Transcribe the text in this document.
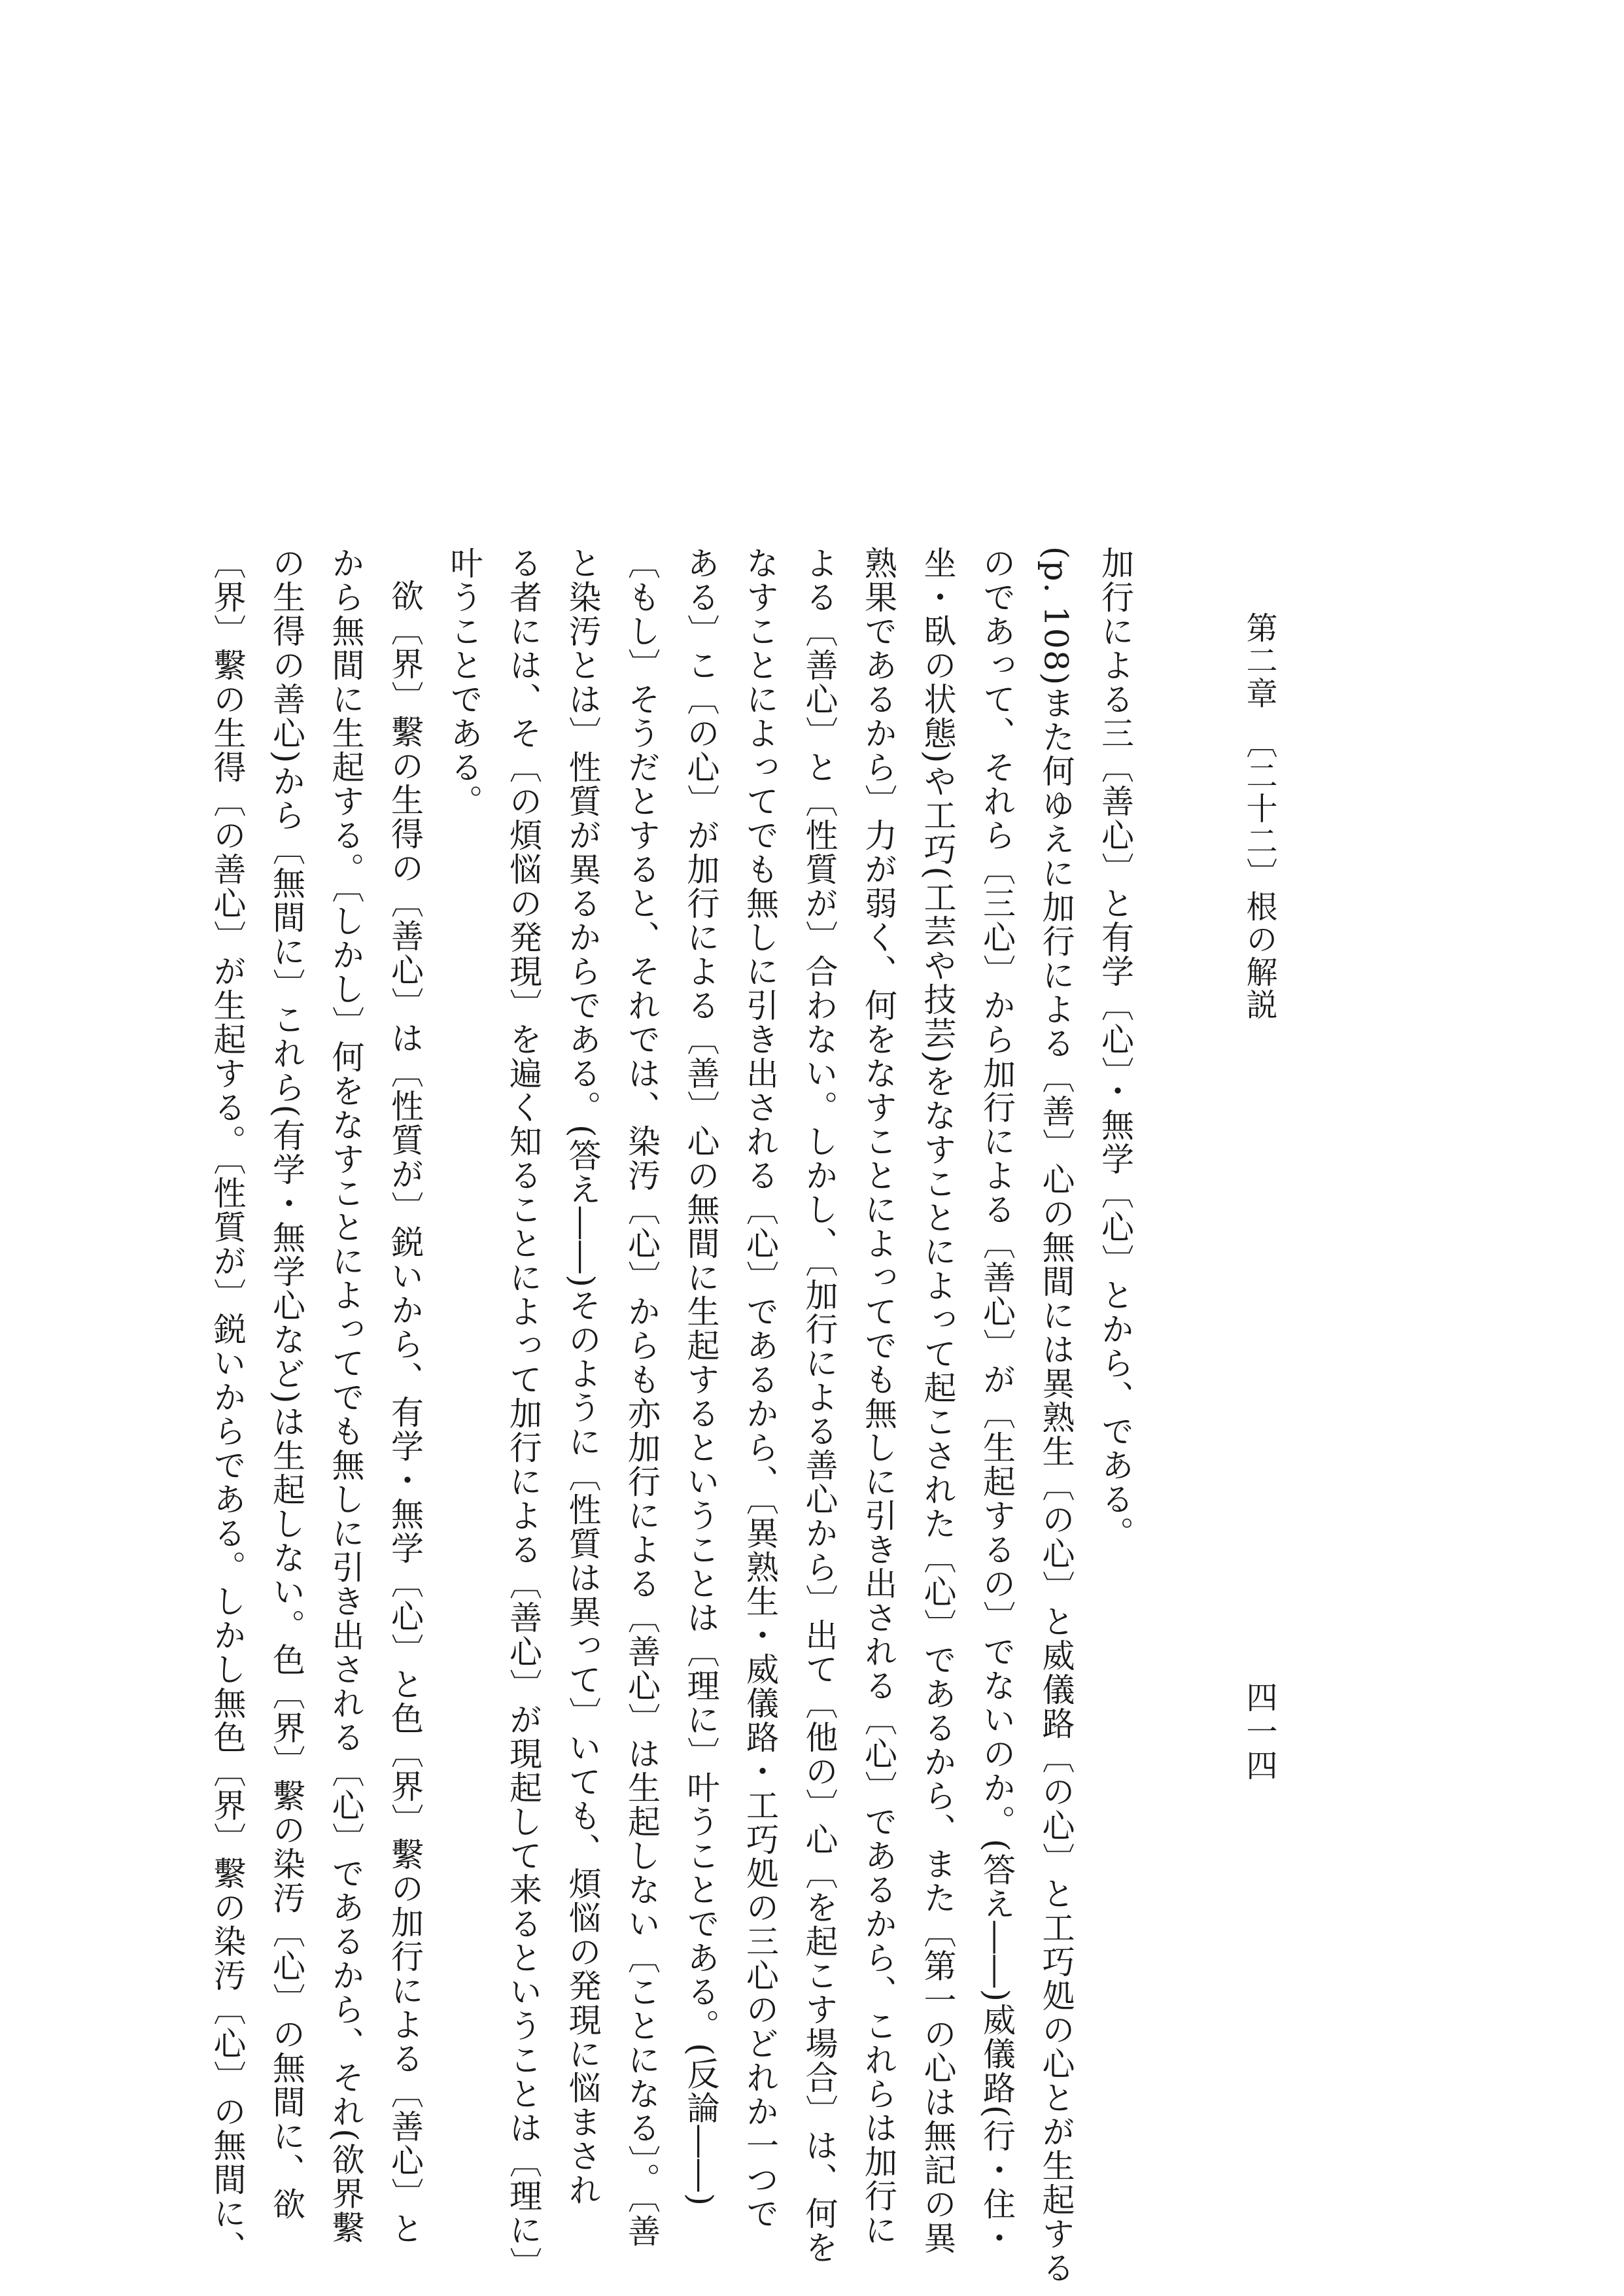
第二章　〔二十二〕根の解説
四一四
加行による三〔善心〕と有学〔心〕・無学〔心〕とから、である。
(p. 108)また何ゆえに加行による〔善〕心の無間には異熟生〔の心〕と威儀路〔の心〕と工巧処の心とが生起する
のであって、それら〔三心〕から加行による〔善心〕が〔生起するの〕でないのか。(答え――)威儀路(行・住・
坐・臥の状態)や工巧(工芸や技芸)をなすことによって起こされた〔心〕であるから、また〔第一の心は無記の異
熟果であるから〕力が弱く、何をなすことによってでも無しに引き出される〔心〕であるから、これらは加行に
よる〔善心〕と〔性質が〕合わない。しかし、〔加行による善心から〕出て〔他の〕心〔を起こす場合〕は、何を
なすことによってでも無しに引き出される〔心〕であるから、〔異熟生・威儀路・工巧処の三心のどれか一つで
ある〕こ〔の心〕が加行による〔善〕心の無間に生起するということは〔理に〕叶うことである。(反論――)
〔もし〕そうだとすると、それでは、染汚〔心〕からも亦加行による〔善心〕は生起しない〔ことになる〕。〔善
と染汚とは〕性質が異るからである。(答え――)そのように〔性質は異って〕いても、煩悩の発現に悩まされ
る者には、そ〔の煩悩の発現〕を遍く知ることによって加行による〔善心〕が現起して来るということは〔理に〕
叶うことである。
欲〔界〕繫の生得の〔善心〕は〔性質が〕鋭いから、有学・無学〔心〕と色〔界〕繫の加行による〔善心〕と
から無間に生起する。〔しかし〕何をなすことによってでも無しに引き出される〔心〕であるから、それ(欲界繫
の生得の善心)から〔無間に〕これら(有学・無学心など)は生起しない。色〔界〕繫の染汚〔心〕の無間に、欲
〔界〕繫の生得〔の善心〕が生起する。〔性質が〕鋭いからである。しかし無色〔界〕繫の染汚〔心〕の無間に、
